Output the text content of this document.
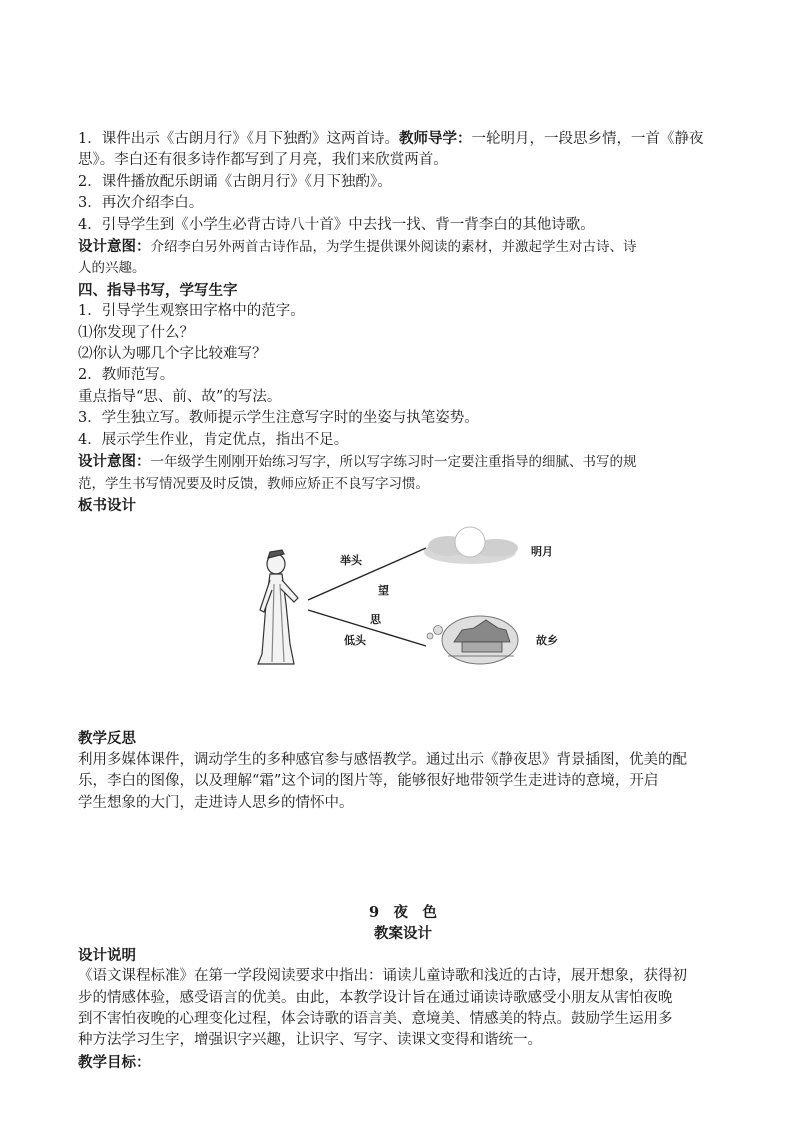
1．课件出示《古朗月行》《月下独酌》这两首诗。教师导学：一轮明月，一段思乡情，一首《静夜

思》。李白还有很多诗作都写到了月亮，我们来欣赏两首。

2．课件播放配乐朗诵《古朗月行》《月下独酌》。

3．再次介绍李白。

4．引导学生到《小学生必背古诗八十首》中去找一找、背一背李白的其他诗歌。

设计意图：介绍李白另外两首古诗作品，为学生提供课外阅读的素材，并激起学生对古诗、诗

人的兴趣。

四、指导书写，学写生字

1．引导学生观察田字格中的范字。

⑴你发现了什么？

⑵你认为哪几个字比较难写？

2．教师范写。

重点指导“思、前、故”的写法。

3．学生独立写。教师提示学生注意写字时的坐姿与执笔姿势。

4．展示学生作业，肯定优点，指出不足。

设计意图：一年级学生刚刚开始练习写字，所以写字练习时一定要注重指导的细腻、书写的规

范，学生书写情况要及时反馈，教师应矫正不良写字习惯。

板书设计

举头
望
思
低头
明月
故乡

教学反思

利用多媒体课件，调动学生的多种感官参与感悟教学。通过出示《静夜思》背景插图，优美的配

乐，李白的图像，以及理解“霜”这个词的图片等，能够很好地带领学生走进诗的意境，开启

学生想象的大门，走进诗人思乡的情怀中。

9　夜　色

教案设计

设计说明

《语文课程标准》在第一学段阅读要求中指出：诵读儿童诗歌和浅近的古诗，展开想象，获得初

步的情感体验，感受语言的优美。由此，本教学设计旨在通过诵读诗歌感受小朋友从害怕夜晚

到不害怕夜晚的心理变化过程，体会诗歌的语言美、意境美、情感美的特点。鼓励学生运用多

种方法学习生字，增强识字兴趣，让识字、写字、读课文变得和谐统一。

教学目标：
